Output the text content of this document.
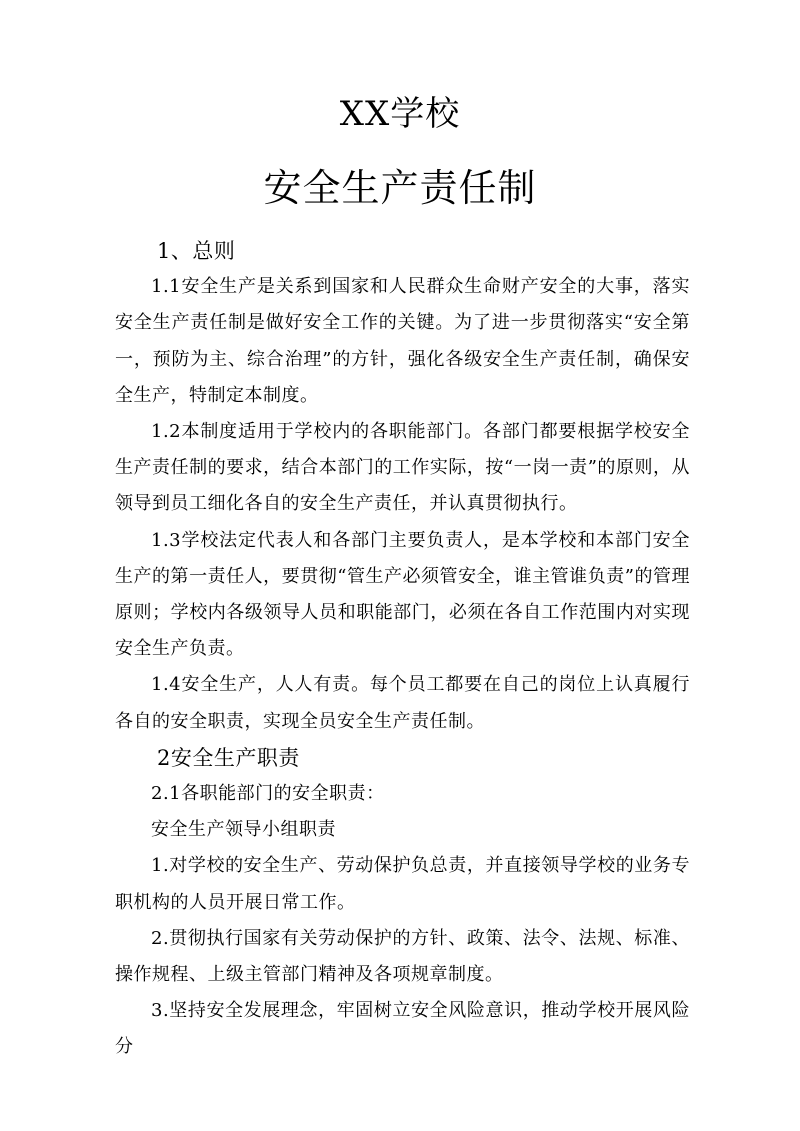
XX学校
安全生产责任制

1、总则

1.1安全生产是关系到国家和人民群众生命财产安全的大事，落实安全生产责任制是做好安全工作的关键。为了进一步贯彻落实“安全第一，预防为主、综合治理”的方针，强化各级安全生产责任制，确保安全生产，特制定本制度。

1.2本制度适用于学校内的各职能部门。各部门都要根据学校安全生产责任制的要求，结合本部门的工作实际，按“一岗一责”的原则，从领导到员工细化各自的安全生产责任，并认真贯彻执行。

1.3学校法定代表人和各部门主要负责人，是本学校和本部门安全生产的第一责任人，要贯彻“管生产必须管安全，谁主管谁负责”的管理原则；学校内各级领导人员和职能部门，必须在各自工作范围内对实现安全生产负责。

1.4安全生产，人人有责。每个员工都要在自己的岗位上认真履行各自的安全职责，实现全员安全生产责任制。

2安全生产职责

2.1各职能部门的安全职责：

安全生产领导小组职责

1.对学校的安全生产、劳动保护负总责，并直接领导学校的业务专职机构的人员开展日常工作。

2.贯彻执行国家有关劳动保护的方针、政策、法令、法规、标准、操作规程、上级主管部门精神及各项规章制度。

3.坚持安全发展理念，牢固树立安全风险意识，推动学校开展风险分
